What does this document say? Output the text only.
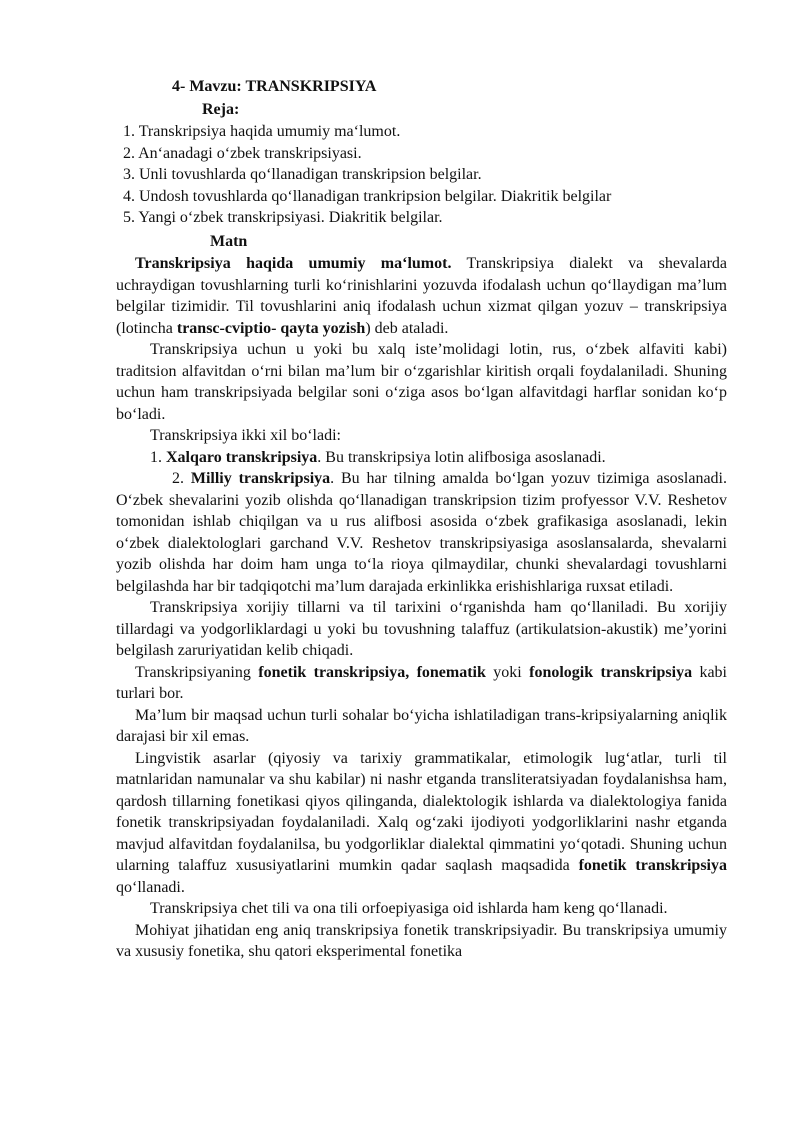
4- Mavzu: TRANSKRIPSIYA
Reja:
1. Transkripsiya haqida umumiy ma‘lumot.
2. An‘anadagi o‘zbek transkripsiyasi.
3. Unli tovushlarda qo‘llanadigan transkripsion belgilar.
4. Undosh tovushlarda qo‘llanadigan trankripsion belgilar. Diakritik belgilar
5. Yangi o‘zbek transkripsiyasi. Diakritik belgilar.
Matn

Transkripsiya haqida umumiy ma‘lumot. Transkripsiya dialekt va shevalarda uchraydigan tovushlarning turli ko‘rinishlarini yozuvda ifodalash uchun qo‘llaydigan ma’lum belgilar tizimidir. Til tovushlarini aniq ifodalash uchun xizmat qilgan yozuv – transkripsiya (lotincha transc-cviptio- qayta yozish) deb ataladi.

Transkripsiya uchun u yoki bu xalq iste’molidagi lotin, rus, o‘zbek alfaviti kabi) traditsion alfavitdan o‘rni bilan ma’lum bir o‘zgarishlar kiritish orqali foydalaniladi. Shuning uchun ham transkripsiyada belgilar soni o‘ziga asos bo‘lgan alfavitdagi harflar sonidan ko‘p bo‘ladi.

Transkripsiya ikki xil bo‘ladi:

1. Xalqaro transkripsiya. Bu transkripsiya lotin alifbosiga asoslanadi.

2. Milliy transkripsiya. Bu har tilning amalda bo‘lgan yozuv tizimiga asoslanadi. O‘zbek shevalarini yozib olishda qo‘llanadigan transkripsion tizim profyessor V.V. Reshetov tomonidan ishlab chiqilgan va u rus alifbosi asosida o‘zbek grafikasiga asoslanadi, lekin o‘zbek dialektologlari garchand V.V. Reshetov transkripsiyasiga asoslansalarda, shevalarni yozib olishda har doim ham unga to‘la rioya qilmaydilar, chunki shevalardagi tovushlarni belgilashda har bir tadqiqotchi ma’lum darajada erkinlikka erishishlariga ruxsat etiladi.

Transkripsiya xorijiy tillarni va til tarixini o‘rganishda ham qo‘llaniladi. Bu xorijiy tillardagi va yodgorliklardagi u yoki bu tovushning talaffuz (artikulatsion-akustik) me’yorini belgilash zaruriyatidan kelib chiqadi.

Transkripsiyaning fonetik transkripsiya, fonematik yoki fonologik transkripsiya kabi turlari bor.

Ma’lum bir maqsad uchun turli sohalar bo‘yicha ishlatiladigan trans-kripsiyalarning aniqlik darajasi bir xil emas.

Lingvistik asarlar (qiyosiy va tarixiy grammatikalar, etimologik lug‘atlar, turli til matnlaridan namunalar va shu kabilar) ni nashr etganda transliteratsiyadan foydalanishsa ham, qardosh tillarning fonetikasi qiyos qilinganda, dialektologik ishlarda va dialektologiya fanida fonetik transkripsiyadan foydalaniladi. Xalq og‘zaki ijodiyoti yodgorliklarini nashr etganda mavjud alfavitdan foydalanilsa, bu yodgorliklar dialektal qimmatini yo‘qotadi. Shuning uchun ularning talaffuz xususiyatlarini mumkin qadar saqlash maqsadida fonetik transkripsiya qo‘llanadi.

Transkripsiya chet tili va ona tili orfoepiyasiga oid ishlarda ham keng qo‘llanadi.

Mohiyat jihatidan eng aniq transkripsiya fonetik transkripsiyadir. Bu transkripsiya umumiy va xususiy fonetika, shu qatori eksperimental fonetika
